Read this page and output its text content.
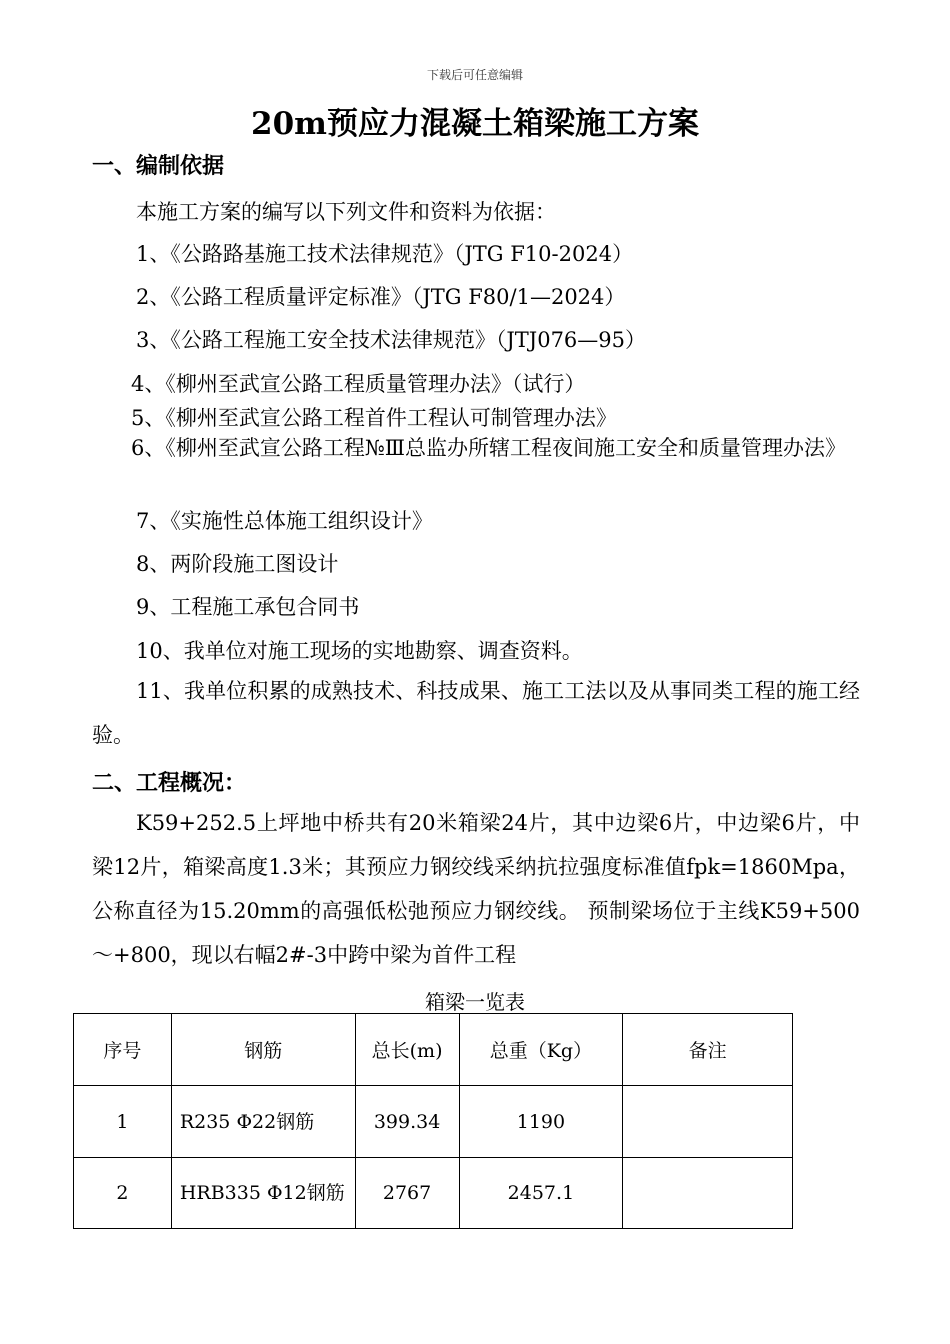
下载后可任意编辑
20m预应力混凝土箱梁施工方案
一、编制依据
本施工方案的编写以下列文件和资料为依据：
1、《公路路基施工技术法律规范》（JTG F10-2024）
2、《公路工程质量评定标准》（JTG F80/1—2024）
3、《公路工程施工安全技术法律规范》（JTJ076—95）
4、《柳州至武宣公路工程质量管理办法》（试行）
5、《柳州至武宣公路工程首件工程认可制管理办法》
6、《柳州至武宣公路工程№Ⅲ总监办所辖工程夜间施工安全和质量管理办法》
7、《实施性总体施工组织设计》
8、两阶段施工图设计
9、工程施工承包合同书
10、我单位对施工现场的实地勘察、调查资料。
11、我单位积累的成熟技术、科技成果、施工工法以及从事同类工程的施工经验。
二、工程概况：
K59+252.5上坪地中桥共有20米箱梁24片，其中边梁6片，中边梁6片，中梁12片，箱梁高度1.3米；其预应力钢绞线采纳抗拉强度标准值fpk=1860Mpa，公称直径为15.20mm的高强低松弛预应力钢绞线。 预制梁场位于主线K59+500～+800，现以右幅2#-3中跨中梁为首件工程
箱梁一览表
序号	钢筋	总长(m)	总重（Kg）	备注
1	R235 Φ22钢筋	399.34	1190	
2	HRB335 Φ12钢筋	2767	2457.1	
